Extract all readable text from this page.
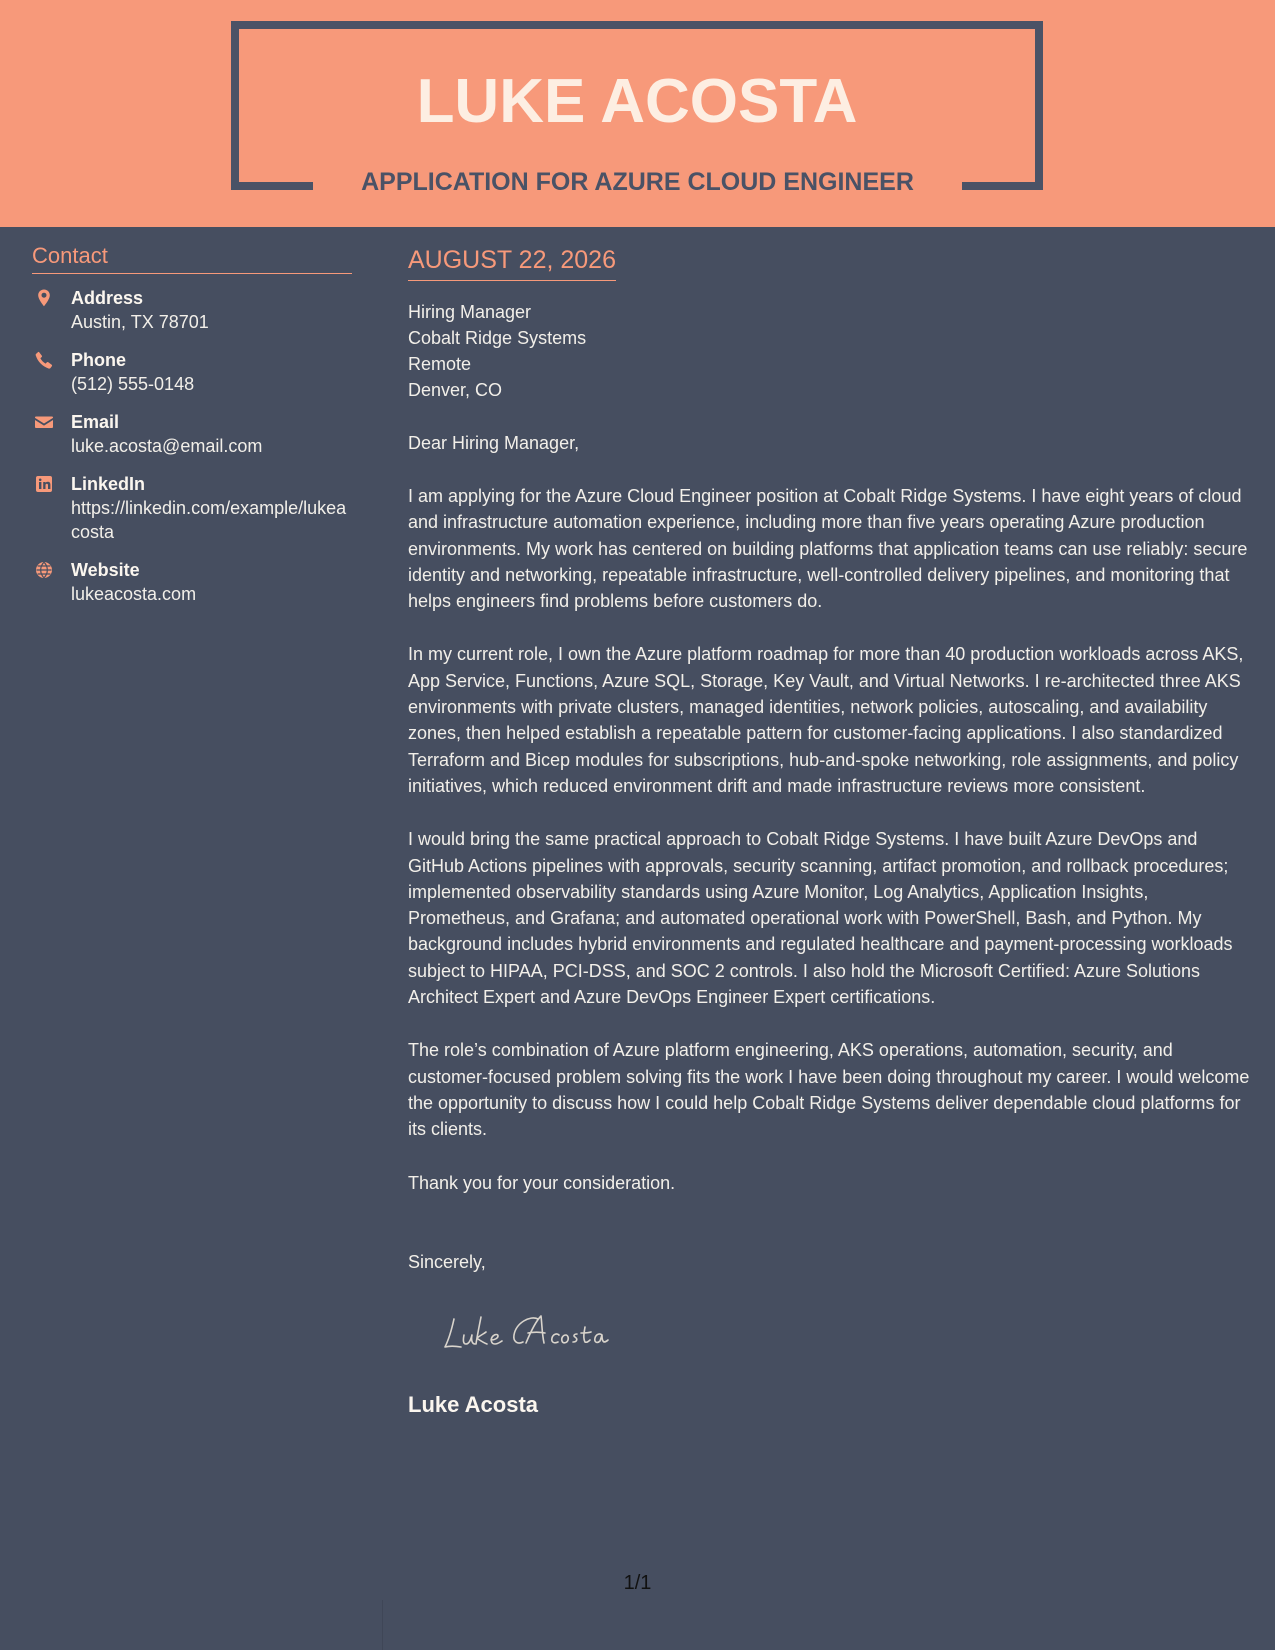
LUKE ACOSTA
APPLICATION FOR AZURE CLOUD ENGINEER
Contact
Address
Austin, TX 78701
Phone
(512) 555-0148
Email
luke.acosta@email.com
LinkedIn
https://linkedin.com/example/lukeacosta
Website
lukeacosta.com
AUGUST 22, 2026
Hiring Manager
Cobalt Ridge Systems
Remote
Denver, CO
Dear Hiring Manager,
I am applying for the Azure Cloud Engineer position at Cobalt Ridge Systems. I have eight years of cloud and infrastructure automation experience, including more than five years operating Azure production environments. My work has centered on building platforms that application teams can use reliably: secure identity and networking, repeatable infrastructure, well-controlled delivery pipelines, and monitoring that helps engineers find problems before customers do.
In my current role, I own the Azure platform roadmap for more than 40 production workloads across AKS, App Service, Functions, Azure SQL, Storage, Key Vault, and Virtual Networks. I re-architected three AKS environments with private clusters, managed identities, network policies, autoscaling, and availability zones, then helped establish a repeatable pattern for customer-facing applications. I also standardized Terraform and Bicep modules for subscriptions, hub-and-spoke networking, role assignments, and policy initiatives, which reduced environment drift and made infrastructure reviews more consistent.
I would bring the same practical approach to Cobalt Ridge Systems. I have built Azure DevOps and GitHub Actions pipelines with approvals, security scanning, artifact promotion, and rollback procedures; implemented observability standards using Azure Monitor, Log Analytics, Application Insights, Prometheus, and Grafana; and automated operational work with PowerShell, Bash, and Python. My background includes hybrid environments and regulated healthcare and payment-processing workloads subject to HIPAA, PCI-DSS, and SOC 2 controls. I also hold the Microsoft Certified: Azure Solutions Architect Expert and Azure DevOps Engineer Expert certifications.
The role’s combination of Azure platform engineering, AKS operations, automation, security, and customer-focused problem solving fits the work I have been doing throughout my career. I would welcome the opportunity to discuss how I could help Cobalt Ridge Systems deliver dependable cloud platforms for its clients.
Thank you for your consideration.
Sincerely,
Luke Acosta
1/1
